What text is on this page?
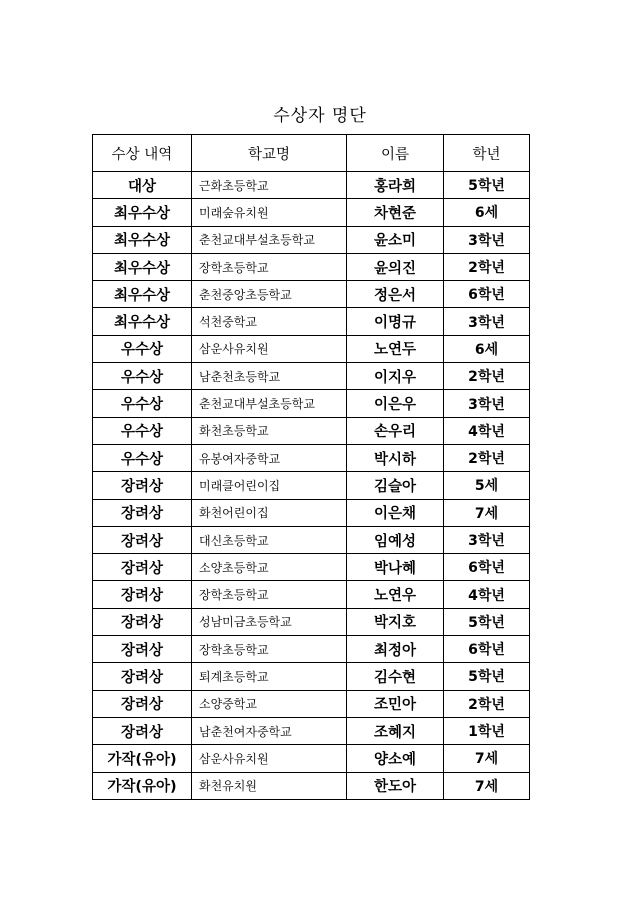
수상자 명단
수상 내역	학교명	이름	학년
대상	근화초등학교	홍라희	5학년
최우수상	미래숲유치원	차현준	6세
최우수상	춘천교대부설초등학교	윤소미	3학년
최우수상	장학초등학교	윤의진	2학년
최우수상	춘천중앙초등학교	정은서	6학년
최우수상	석천중학교	이명규	3학년
우수상	삼운사유치원	노연두	6세
우수상	남춘천초등학교	이지우	2학년
우수상	춘천교대부설초등학교	이은우	3학년
우수상	화천초등학교	손우리	4학년
우수상	유봉여자중학교	박시하	2학년
장려상	미래클어린이집	김슬아	5세
장려상	화천어린이집	이은채	7세
장려상	대신초등학교	임예성	3학년
장려상	소양초등학교	박나혜	6학년
장려상	장학초등학교	노연우	4학년
장려상	성남미금초등학교	박지호	5학년
장려상	장학초등학교	최정아	6학년
장려상	퇴계초등학교	김수현	5학년
장려상	소양중학교	조민아	2학년
장려상	남춘천여자중학교	조혜지	1학년
가작(유아)	삼운사유치원	양소예	7세
가작(유아)	화천유치원	한도아	7세
